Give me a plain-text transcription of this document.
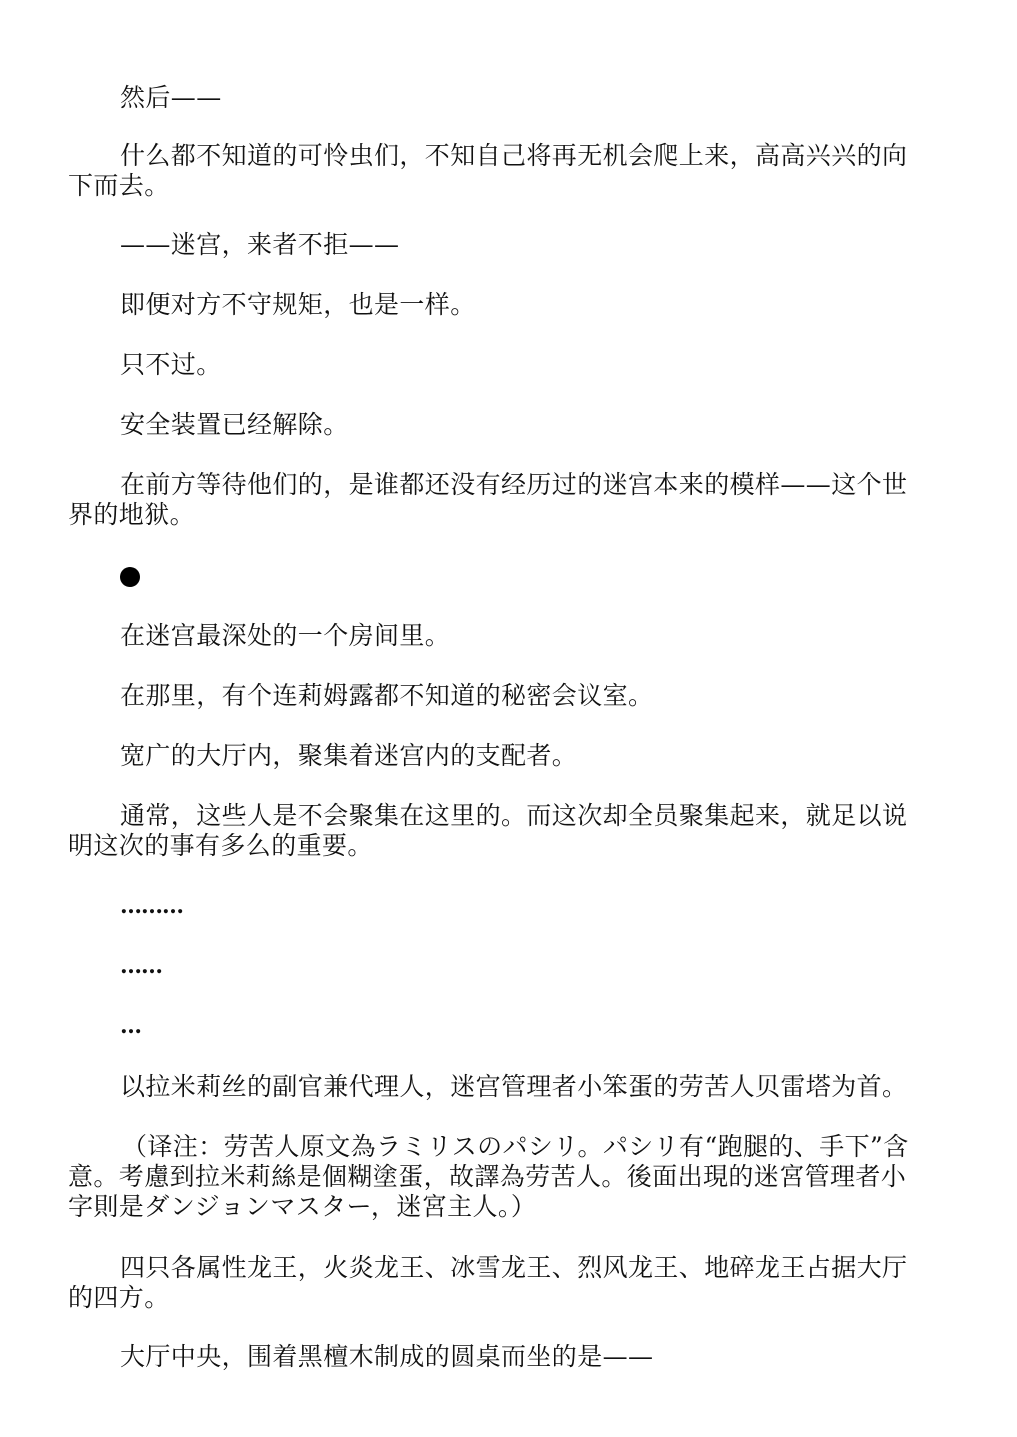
然后——

什么都不知道的可怜虫们，不知自己将再无机会爬上来，高高兴兴的向下而去。

——迷宫，来者不拒——

即便对方不守规矩，也是一样。

只不过。

安全装置已经解除。

在前方等待他们的，是谁都还没有经历过的迷宫本来的模样——这个世界的地狱。

在迷宫最深处的一个房间里。

在那里，有个连莉姆露都不知道的秘密会议室。

宽广的大厅内，聚集着迷宫内的支配者。

通常，这些人是不会聚集在这里的。而这次却全员聚集起来，就足以说明这次的事有多么的重要。

………
……
…

以拉米莉丝的副官兼代理人，迷宫管理者小笨蛋的劳苦人贝雷塔为首。

（译注：劳苦人原文為ラミリスのパシリ。パシリ有“跑腿的、手下”含意。考慮到拉米莉絲是個糊塗蛋，故譯為劳苦人。後面出現的迷宮管理者小字則是ダンジョンマスター，迷宮主人。）

四只各属性龙王，火炎龙王、冰雪龙王、烈风龙王、地碎龙王占据大厅的四方。

大厅中央，围着黑檀木制成的圆桌而坐的是——
